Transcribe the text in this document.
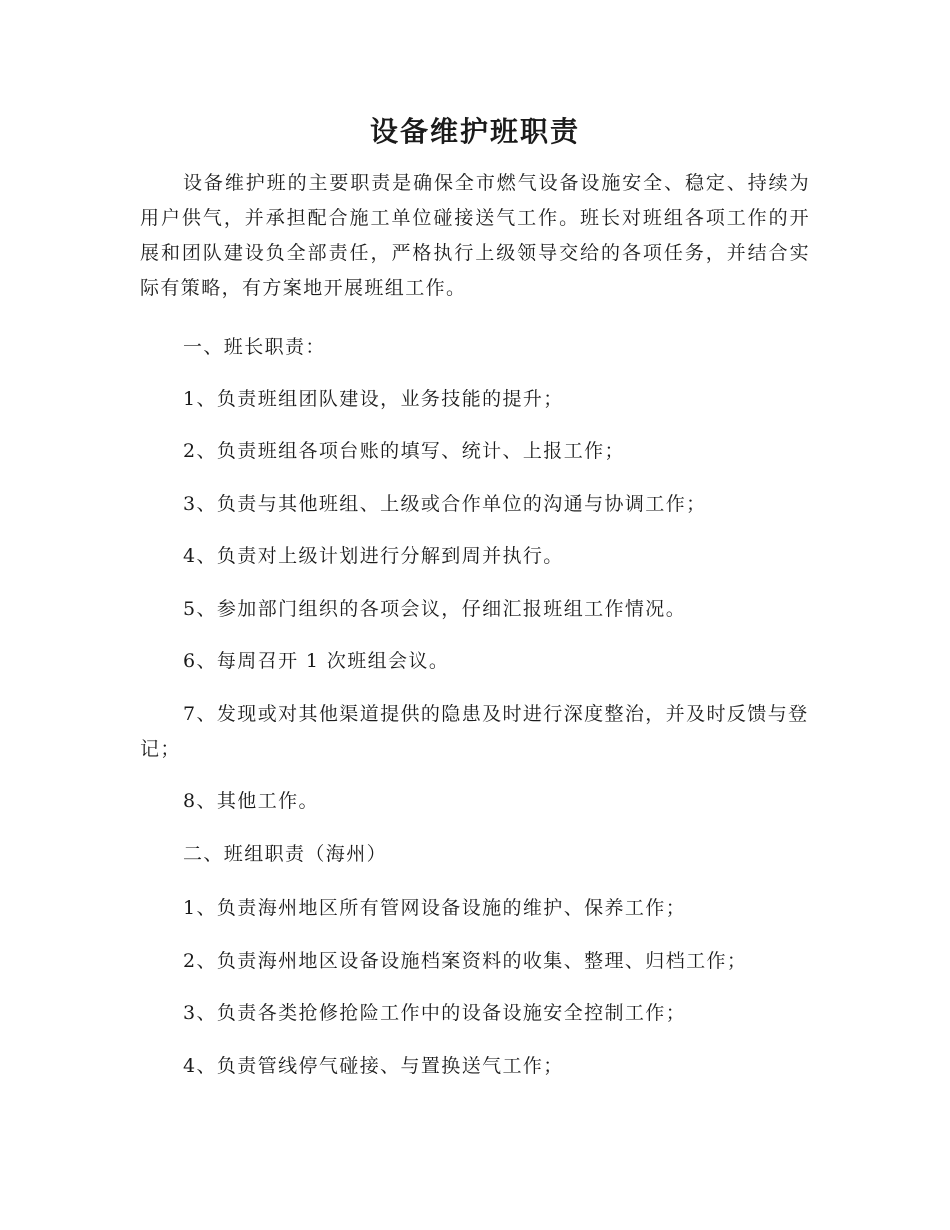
设备维护班职责

设备维护班的主要职责是确保全市燃气设备设施安全、稳定、持续为用户供气，并承担配合施工单位碰接送气工作。班长对班组各项工作的开展和团队建设负全部责任，严格执行上级领导交给的各项任务，并结合实际有策略，有方案地开展班组工作。

一、班长职责：

1、负责班组团队建设，业务技能的提升；

2、负责班组各项台账的填写、统计、上报工作；

3、负责与其他班组、上级或合作单位的沟通与协调工作；

4、负责对上级计划进行分解到周并执行。

5、参加部门组织的各项会议，仔细汇报班组工作情况。

6、每周召开 1 次班组会议。

7、发现或对其他渠道提供的隐患及时进行深度整治，并及时反馈与登记；

8、其他工作。

二、班组职责（海州）

1、负责海州地区所有管网设备设施的维护、保养工作；

2、负责海州地区设备设施档案资料的收集、整理、归档工作；

3、负责各类抢修抢险工作中的设备设施安全控制工作；

4、负责管线停气碰接、与置换送气工作；
